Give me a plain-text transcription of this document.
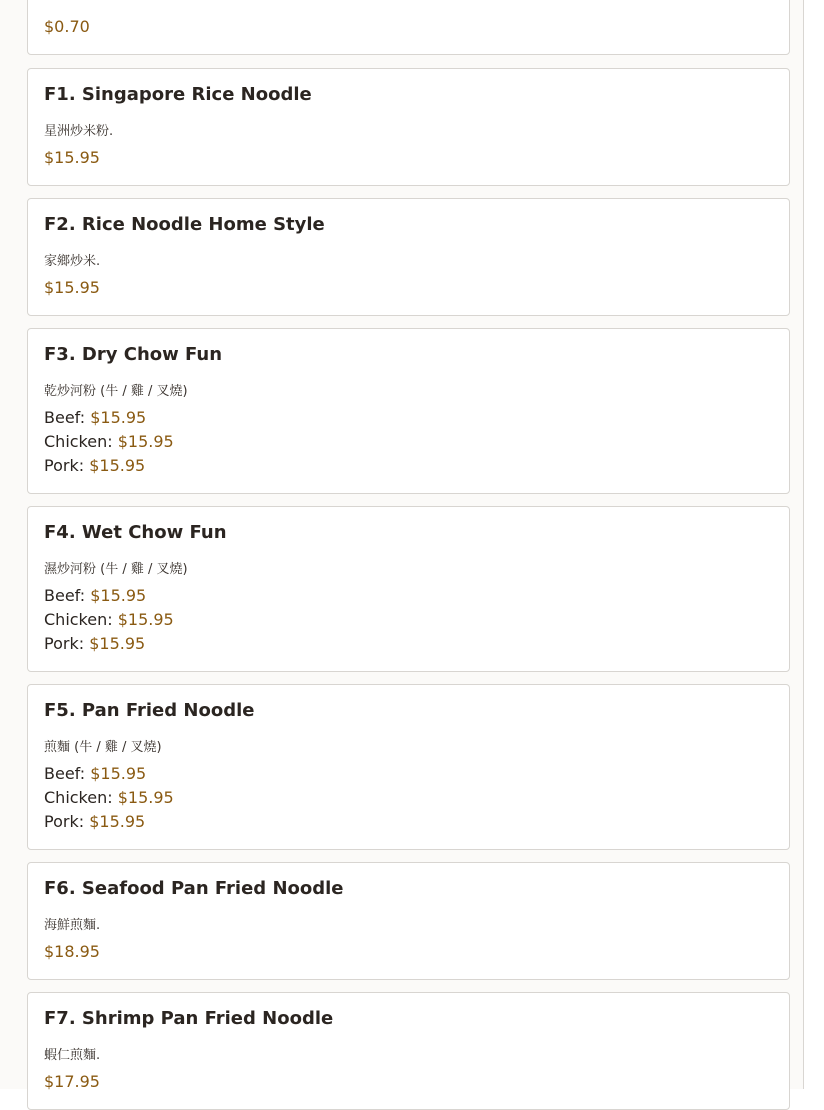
$0.70
F1. Singapore Rice Noodle
星洲炒米粉.
$15.95
F2. Rice Noodle Home Style
家鄉炒米.
$15.95
F3. Dry Chow Fun
乾炒河粉 (牛 / 雞 / 叉燒)
Beef: $15.95
Chicken: $15.95
Pork: $15.95
F4. Wet Chow Fun
濕炒河粉 (牛 / 雞 / 叉燒)
Beef: $15.95
Chicken: $15.95
Pork: $15.95
F5. Pan Fried Noodle
煎麵 (牛 / 雞 / 叉燒)
Beef: $15.95
Chicken: $15.95
Pork: $15.95
F6. Seafood Pan Fried Noodle
海鮮煎麵.
$18.95
F7. Shrimp Pan Fried Noodle
蝦仁煎麵.
$17.95
